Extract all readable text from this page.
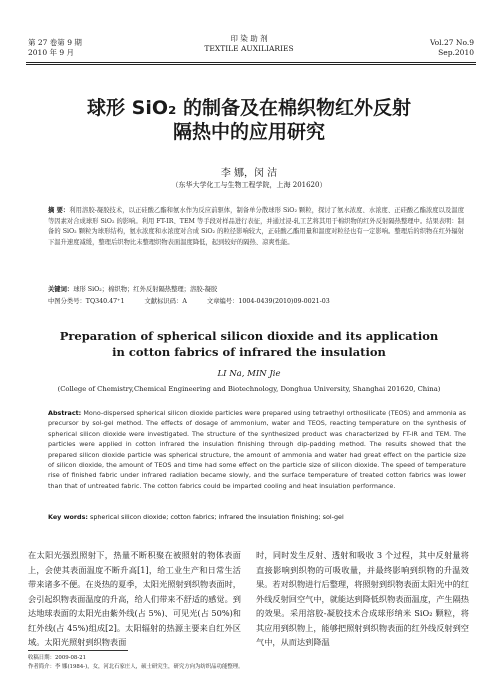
第 27 卷第 9 期
2010 年 9 月
印 染 助 剂
TEXTILE AUXILIARIES
Vol.27 No.9
Sep.2010
球形 SiO₂ 的制备及在棉织物红外反射
隔热中的应用研究
李 娜，闵 洁
（东华大学化工与生物工程学院，上海 201620）
摘 要：利用溶胶-凝胶技术，以正硅酸乙酯和氨水作为反应前驱体，制备单分散球形 SiO₂ 颗粒，探讨了氨水浓度、水浓度、正硅酸乙酯浓度以及温度等因素对合成球形 SiO₂ 的影响。利用 FT-IR、TEM 等手段对样品进行表征，并通过浸-轧工艺将其用于棉织物的红外反射隔热整理中。结果表明：制备的 SiO₂ 颗粒为球形结构，氨水浓度和水浓度对合成 SiO₂ 的粒径影响较大，正硅酸乙酯用量和温度对粒径也有一定影响。整理后的织物在红外辐射下温升速度减缓，整理后织物比未整理织物表面温度降低，起到较好的隔热、凉爽性能。
关键词：球形 SiO₂；棉织物；红外反射隔热整理；溶胶-凝胶
中图分类号：TQ340.47⁺1	文献标识码：A	文章编号：1004-0439(2010)09-0021-03
Preparation of spherical silicon dioxide and its application
in cotton fabrics of infrared the insulation
LI Na, MIN Jie
(College of Chemistry,Chemical Engineering and Biotechnology, Donghua University, Shanghai 201620, China)
Abstract: Mono-dispersed spherical silicon dioxide particles were prepared using tetraethyl orthosilicate (TEOS) and ammonia as precursor by sol-gel method. The effects of dosage of ammonium, water and TEOS, reacting temperature on the synthesis of spherical silicon dioxide were investigated. The structure of the synthesized product was characterized by FT-IR and TEM. The particles were applied in cotton infrared the insulation finishing through dip-padding method. The results showed that the prepared silicon dioxide particle was spherical structure, the amount of ammonia and water had great effect on the particle size of silicon dioxide, the amount of TEOS and time had some effect on the particle size of silicon dioxide. The speed of temperature rise of finished fabric under infrared radiation became slowly, and the surface temperature of treated cotton fabrics was lower than that of untreated fabric. The cotton fabrics could be imparted cooling and heat insulation performance.
Key words: spherical silicon dioxide; cotton fabrics; infrared the insulation finishing; sol-gel
在太阳光强烈照射下，热量不断积聚在被照射的物体表面上，会使其表面温度不断升高[1]，给工业生产和日常生活带来诸多不便。在炎热的夏季，太阳光照射到织物表面时，会引起织物表面温度的升高，给人们带来不舒适的感觉。到达地球表面的太阳光由紫外线(占 5%)、可见光(占 50%)和红外线(占 45%)组成[2]。太阳辐射的热源主要来自红外区域。太阳光照射到织物表面
时，同时发生反射、透射和吸收 3 个过程，其中反射量将直接影响到织物的可吸收量，并最终影响到织物的升温效果。若对织物进行后整理，将照射到织物表面太阳光中的红外线反射回空气中，就能达到降低织物表面温度，产生隔热的效果。采用溶胶-凝胶技术合成球形纳米 SiO₂ 颗粒，将其应用到织物上，能够把照射到织物表面的红外线反射到空气中，从而达到降温
收稿日期：2009-08-21
作者简介：李 娜(1984-)，女，河北石家庄人，硕士研究生，研究方向为纺织品功能整理。
